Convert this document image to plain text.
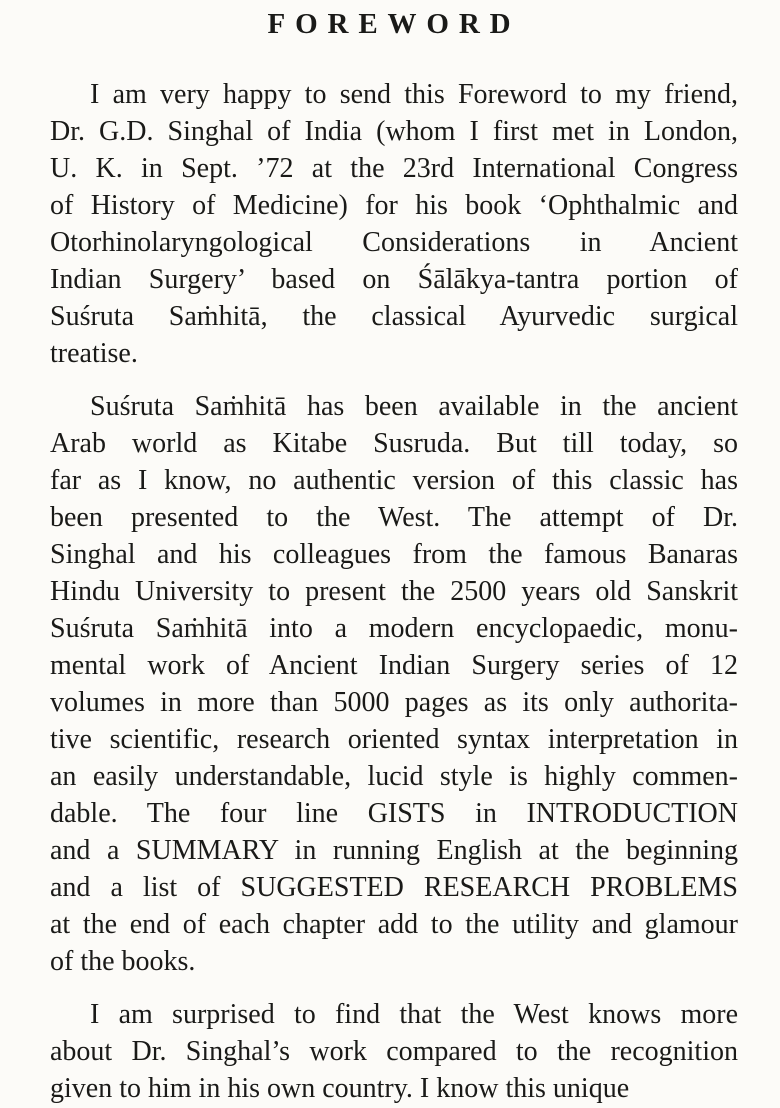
FOREWORD
I am very happy to send this Foreword to my friend,
Dr. G.D. Singhal of India (whom I first met in London,
U. K. in Sept. ’72 at the 23rd International Congress
of History of Medicine) for his book ‘Ophthalmic and
Otorhinolaryngological Considerations in Ancient
Indian Surgery’ based on Śālākya-tantra portion of
Suśruta Saṁhitā, the classical Ayurvedic surgical
treatise.
Suśruta Saṁhitā has been available in the ancient
Arab world as Kitabe Susruda. But till today, so
far as I know, no authentic version of this classic has
been presented to the West. The attempt of Dr.
Singhal and his colleagues from the famous Banaras
Hindu University to present the 2500 years old Sanskrit
Suśruta Saṁhitā into a modern encyclopaedic, monu-
mental work of Ancient Indian Surgery series of 12
volumes in more than 5000 pages as its only authorita-
tive scientific, research oriented syntax interpretation in
an easily understandable, lucid style is highly commen-
dable. The four line GISTS in INTRODUCTION
and a SUMMARY in running English at the beginning
and a list of SUGGESTED RESEARCH PROBLEMS
at the end of each chapter add to the utility and glamour
of the books.
I am surprised to find that the West knows more
about Dr. Singhal’s work compared to the recognition
given to him in his own country. I know this unique
